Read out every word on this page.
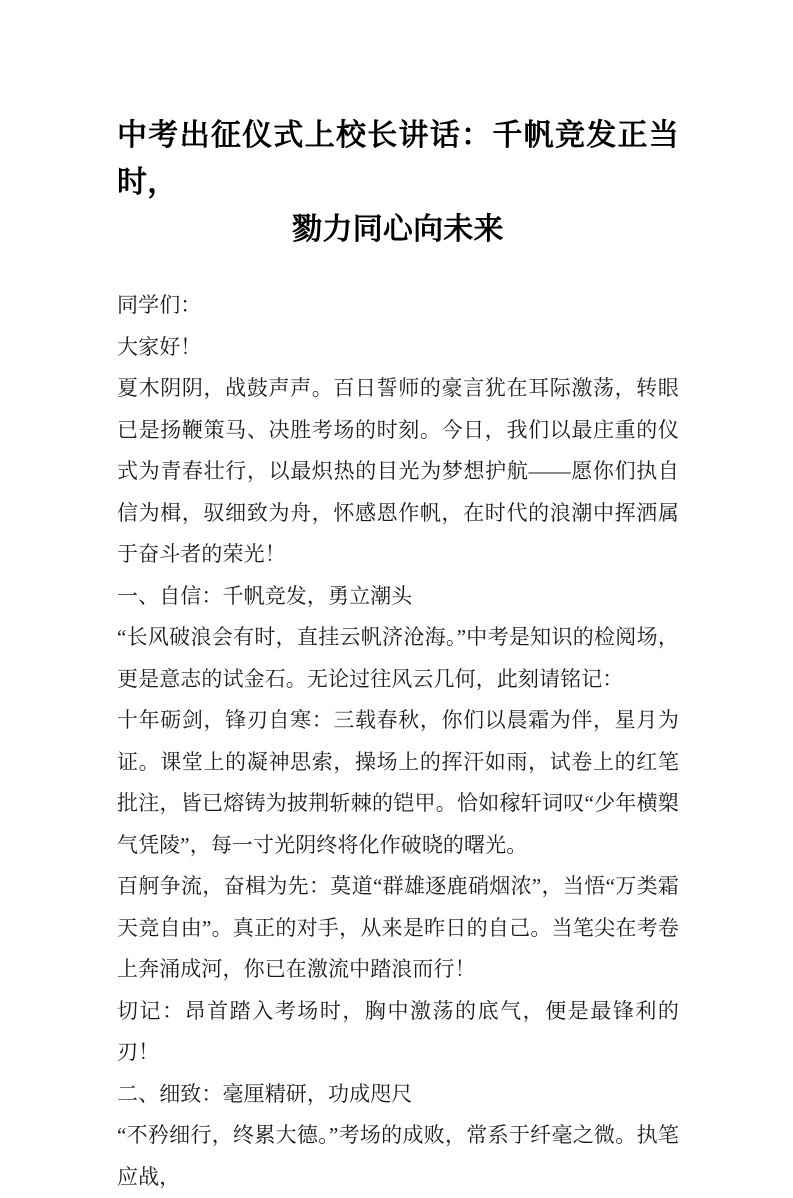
中考出征仪式上校长讲话：千帆竞发正当时，
勠力同心向未来

同学们：

大家好！

夏木阴阴，战鼓声声。百日誓师的豪言犹在耳际激荡，转眼已是扬鞭策马、决胜考场的时刻。今日，我们以最庄重的仪式为青春壮行，以最炽热的目光为梦想护航——愿你们执自信为楫，驭细致为舟，怀感恩作帆，在时代的浪潮中挥洒属于奋斗者的荣光！

一、自信：千帆竞发，勇立潮头

“长风破浪会有时，直挂云帆济沧海。”中考是知识的检阅场，更是意志的试金石。无论过往风云几何，此刻请铭记：

十年砺剑，锋刃自寒：三载春秋，你们以晨霜为伴，星月为证。课堂上的凝神思索，操场上的挥汗如雨，试卷上的红笔批注，皆已熔铸为披荆斩棘的铠甲。恰如稼轩词叹“少年横槊气凭陵”，每一寸光阴终将化作破晓的曙光。

百舸争流，奋楫为先：莫道“群雄逐鹿硝烟浓”，当悟“万类霜天竞自由”。真正的对手，从来是昨日的自己。当笔尖在考卷上奔涌成河，你已在激流中踏浪而行！

切记：昂首踏入考场时，胸中激荡的底气，便是最锋利的刃！

二、细致：毫厘精研，功成咫尺

“不矜细行，终累大德。”考场的成败，常系于纤毫之微。执笔应战，
